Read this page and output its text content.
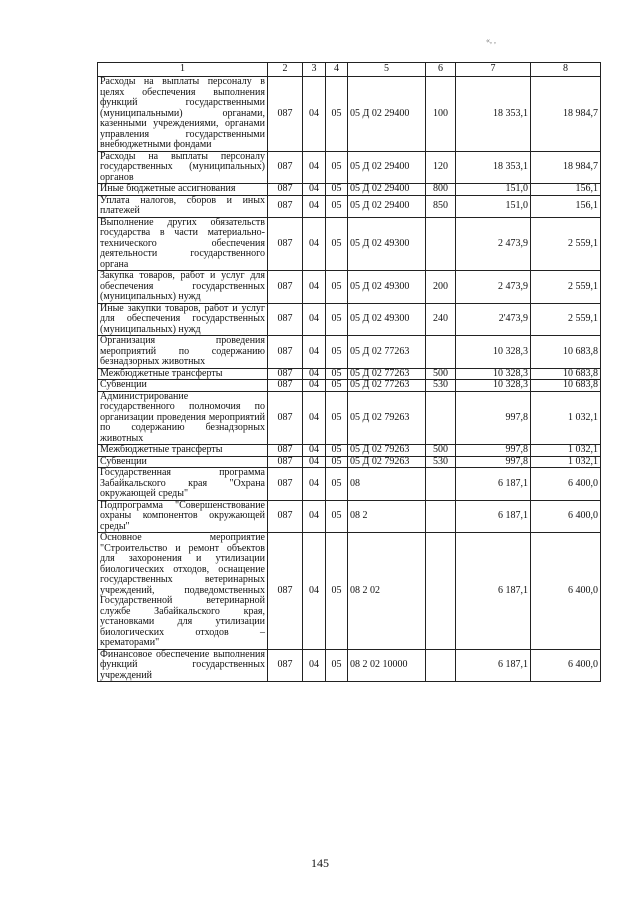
«, ,
1	2	3	4	5	6	7	8
Расходы на выплаты персоналу в целях обеспечения выполнения функций государственными (муниципальными) органами, казенными учреждениями, органами управления государственными внебюджетными фондами	087	04	05	05 Д 02 29400	100	18 353,1	18 984,7
Расходы на выплаты персоналу государственных (муниципальных) органов	087	04	05	05 Д 02 29400	120	18 353,1	18 984,7
Иные бюджетные ассигнования	087	04	05	05 Д 02 29400	800	151,0	156,1
Уплата налогов, сборов и иных платежей	087	04	05	05 Д 02 29400	850	151,0	156,1
Выполнение других обязательств государства в части материально-технического обеспечения деятельности государственного органа	087	04	05	05 Д 02 49300		2 473,9	2 559,1
Закупка товаров, работ и услуг для обеспечения государственных (муниципальных) нужд	087	04	05	05 Д 02 49300	200	2 473,9	2 559,1
Иные закупки товаров, работ и услуг для обеспечения государственных (муниципальных) нужд	087	04	05	05 Д 02 49300	240	2'473,9	2 559,1
Организация проведения мероприятий по содержанию безнадзорных животных	087	04	05	05 Д 02 77263		10 328,3	10 683,8
Межбюджетные трансферты	087	04	05	05 Д 02 77263	500	10 328,3	10 683,8
Субвенции	087	04	05	05 Д 02 77263	530	10 328,3	10 683,8
Администрирование государственного полномочия по организации проведения мероприятий по содержанию безнадзорных животных	087	04	05	05 Д 02 79263		997,8	1 032,1
Межбюджетные трансферты	087	04	05	05 Д 02 79263	500	997,8	1 032,1
Субвенции	087	04	05	05 Д 02 79263	530	997,8	1 032,1
Государственная программа Забайкальского края "Охрана окружающей среды"	087	04	05	08		6 187,1	6 400,0
Подпрограмма "Совершенствование охраны компонентов окружающей среды"	087	04	05	08 2		6 187,1	6 400,0
Основное мероприятие "Строительство и ремонт объектов для захоронения и утилизации биологических отходов, оснащение государственных ветеринарных учреждений, подведомственных Государственной ветеринарной службе Забайкальского края, установками для утилизации биологических отходов – крематорами"	087	04	05	08 2 02		6 187,1	6 400,0
Финансовое обеспечение выполнения функций государственных учреждений	087	04	05	08 2 02 10000		6 187,1	6 400,0
145
